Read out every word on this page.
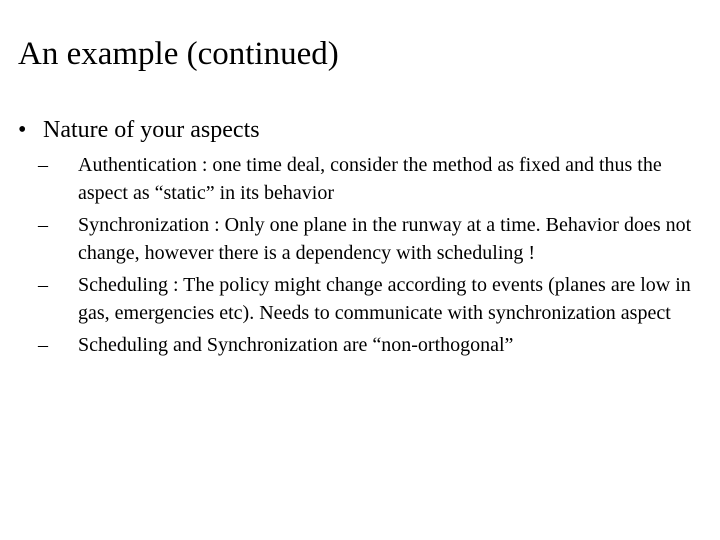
An example (continued)
• Nature of your aspects
– Authentication : one time deal, consider the method as fixed and thus the aspect as “static” in its behavior
– Synchronization : Only one plane in the runway at a time. Behavior does not change, however there is a dependency with scheduling !
– Scheduling : The policy might change according to events (planes are low in gas, emergencies etc). Needs to communicate with synchronization aspect
– Scheduling and Synchronization are “non-orthogonal”
